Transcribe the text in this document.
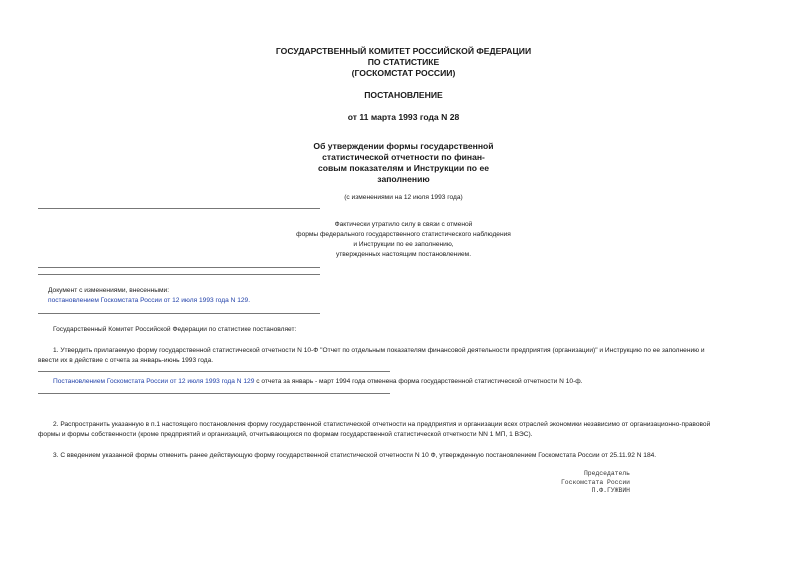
ГОСУДАРСТВЕННЫЙ КОМИТЕТ РОССИЙСКОЙ ФЕДЕРАЦИИ
ПО СТАТИСТИКЕ
(ГОСКОМСТАТ РОССИИ)
ПОСТАНОВЛЕНИЕ
от 11 марта 1993 года N 28
Об утверждении формы государственной
статистической отчетности по финан-
совым показателям и Инструкции по ее
заполнению
(с изменениями на 12 июля 1993 года)
Фактически утратило силу в связи с отменой
формы федерального государственного статистического наблюдения
и Инструкции по ее заполнению,
утвержденных настоящим постановлением.
Документ с изменениями, внесенными:
постановлением Госкомстата России от 12 июля 1993 года N 129.
Государственный Комитет Российской Федерации по статистике постановляет:
1. Утвердить прилагаемую форму государственной статистической отчетности N 10-Ф "Отчет по отдельным показателям финансовой деятельности предприятия (организации)" и Инструкцию по ее заполнению и
ввести их в действие с отчета за январь-июнь 1993 года.
Постановлением Госкомстата России от 12 июля 1993 года N 129 с отчета за январь - март 1994 года отменена форма государственной статистической отчетности N 10-ф.
2. Распространить указанную в п.1 настоящего постановления форму государственной статистической отчетности на предприятия и организации всех отраслей экономики независимо от организационно-правовой
формы и формы собственности (кроме предприятий и организаций, отчитывающихся по формам государственной статистической отчетности NN 1 МП, 1 ВЭС).
3. С введением указанной формы отменить ранее действующую форму государственной статистической отчетности N 10 Ф, утвержденную постановлением Госкомстата России от 25.11.92 N 184.
Председатель
Госкомстата России
П.Ф.ГУЖВИН
